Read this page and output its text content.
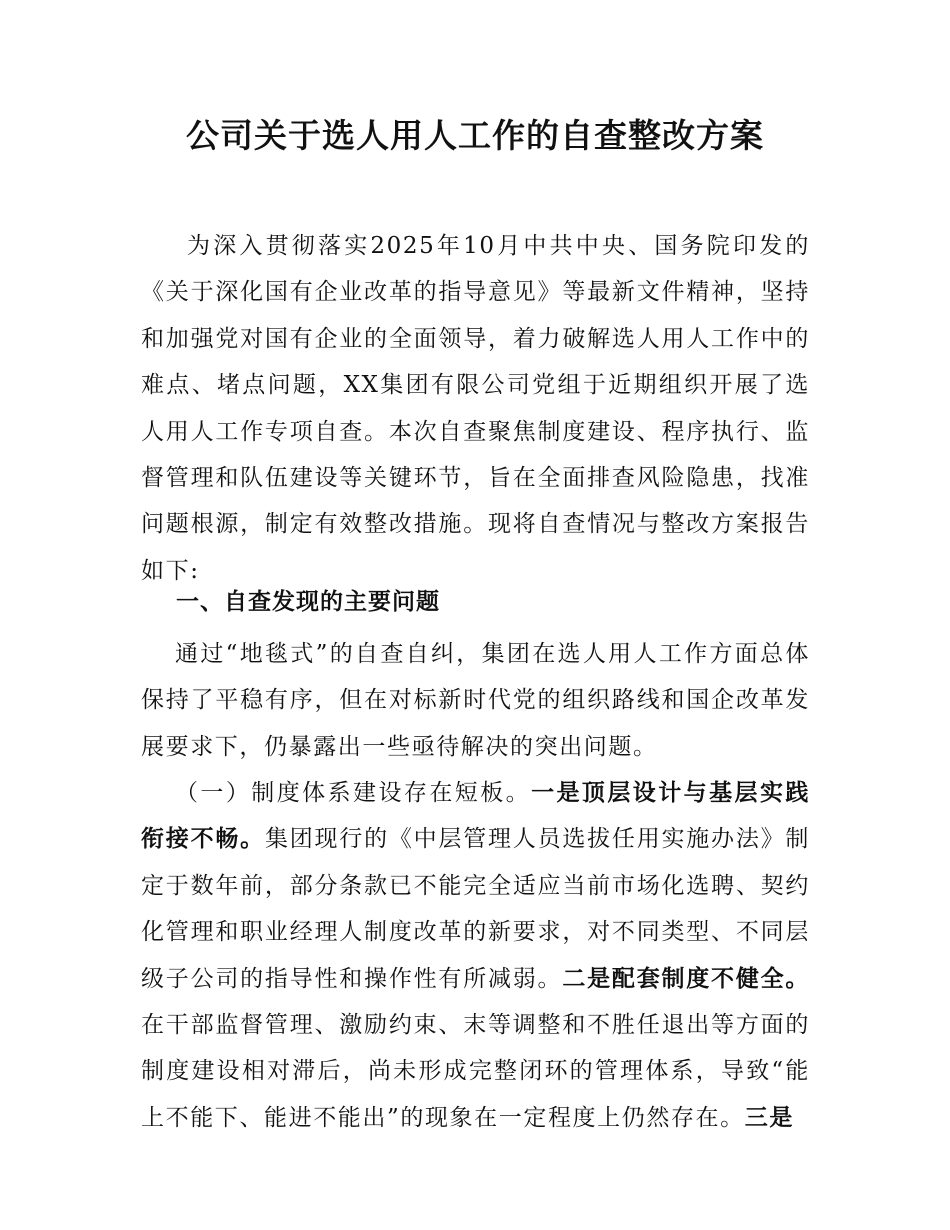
公司关于选人用人工作的自查整改方案

为深入贯彻落实2025年10月中共中央、国务院印发的《关于深化国有企业改革的指导意见》等最新文件精神，坚持和加强党对国有企业的全面领导，着力破解选人用人工作中的难点、堵点问题，XX集团有限公司党组于近期组织开展了选人用人工作专项自查。本次自查聚焦制度建设、程序执行、监督管理和队伍建设等关键环节，旨在全面排查风险隐患，找准问题根源，制定有效整改措施。现将自查情况与整改方案报告如下:

一、自查发现的主要问题

通过“地毯式”的自查自纠，集团在选人用人工作方面总体保持了平稳有序，但在对标新时代党的组织路线和国企改革发展要求下，仍暴露出一些亟待解决的突出问题。

（一）制度体系建设存在短板。一是顶层设计与基层实践衔接不畅。集团现行的《中层管理人员选拔任用实施办法》制定于数年前，部分条款已不能完全适应当前市场化选聘、契约化管理和职业经理人制度改革的新要求，对不同类型、不同层级子公司的指导性和操作性有所减弱。二是配套制度不健全。在干部监督管理、激励约束、末等调整和不胜任退出等方面的制度建设相对滞后，尚未形成完整闭环的管理体系，导致“能上不能下、能进不能出”的现象在一定程度上仍然存在。三是
